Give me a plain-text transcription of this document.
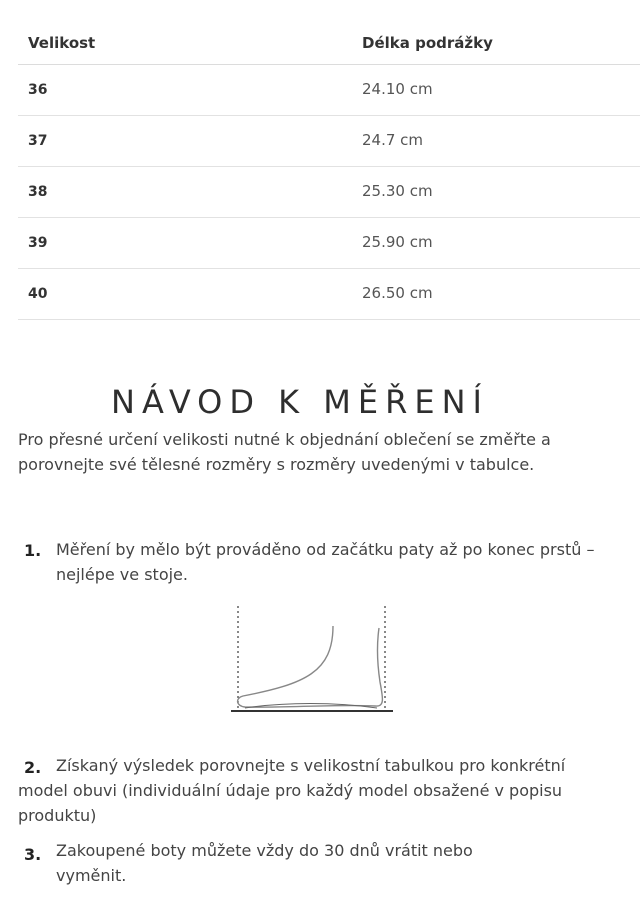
Velikost	Délka podrážky
36	24.10 cm
37	24.7 cm
38	25.30 cm
39	25.90 cm
40	26.50 cm
NÁVOD K MĚŘENÍ

Pro přesné určení velikosti nutné k objednání oblečení se změřte a porovnejte své tělesné rozměry s rozměry uvedenými v tabulce.

1. Měření by mělo být prováděno od začátku paty až po konec prstů – nejlépe ve stoje.
2. Získaný výsledek porovnejte s velikostní tabulkou pro konkrétní model obuvi (individuální údaje pro každý model obsažené v popisu produktu)
3. Zakoupené boty můžete vždy do 30 dnů vrátit nebo vyměnit.
